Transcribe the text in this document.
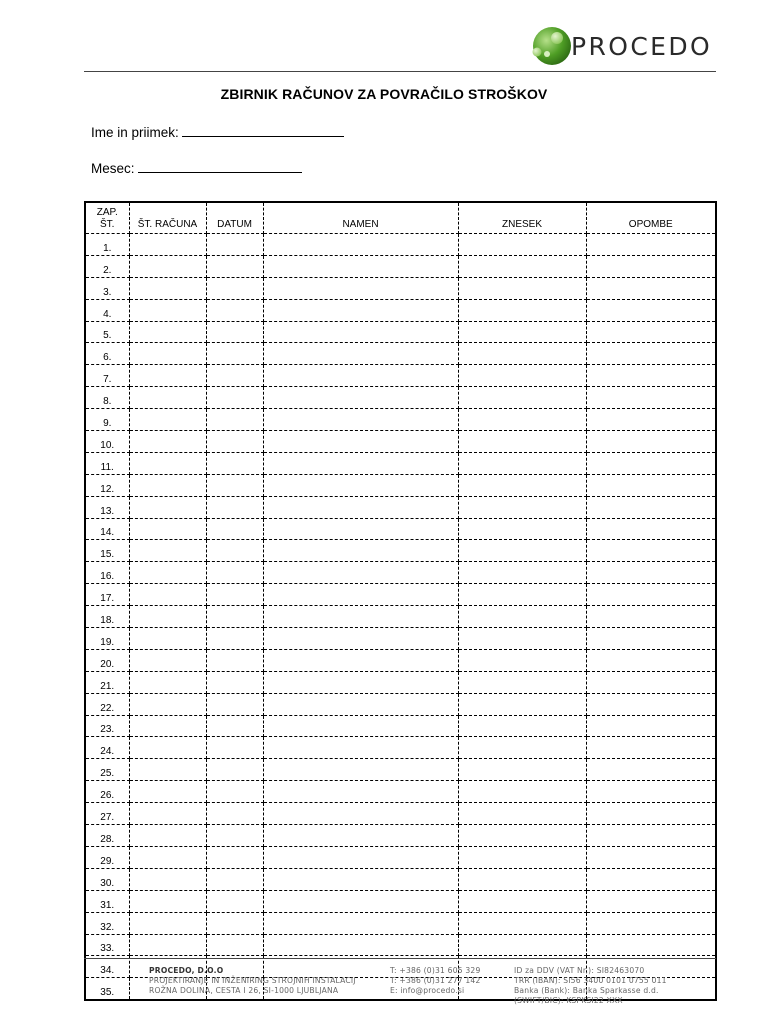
PROCEDO
ZBIRNIK RAČUNOV ZA POVRAČILO STROŠKOV
Ime in priimek:
Mesec:
ZAP.
ŠT.	ŠT. RAČUNA	DATUM	NAMEN	ZNESEK	OPOMBE
1.					
2.					
3.					
4.					
5.					
6.					
7.					
8.					
9.					
10.					
11.					
12.					
13.					
14.					
15.					
16.					
17.					
18.					
19.					
20.					
21.					
22.					
23.					
24.					
25.					
26.					
27.					
28.					
29.					
30.					
31.					
32.					
33.					
34.					
35.					
PROCEDO, D.O.O
PROJEKTIRANJE IN INŽENIRING STROJNIH INSTALACIJ
ROŽNA DOLINA, CESTA I 26, SI-1000 LJUBLJANA
T: +386 (0)31 605 329
T: +386 (0)31 277 142
E: info@procedo.si
ID za DDV (VAT Nr.): SI82463070
TRR (IBAN): SI56 3400 0101 0755 011
Banka (Bank): Banka Sparkasse d.d.
(SWIFT/BIC): KSPKSI22 XXX
